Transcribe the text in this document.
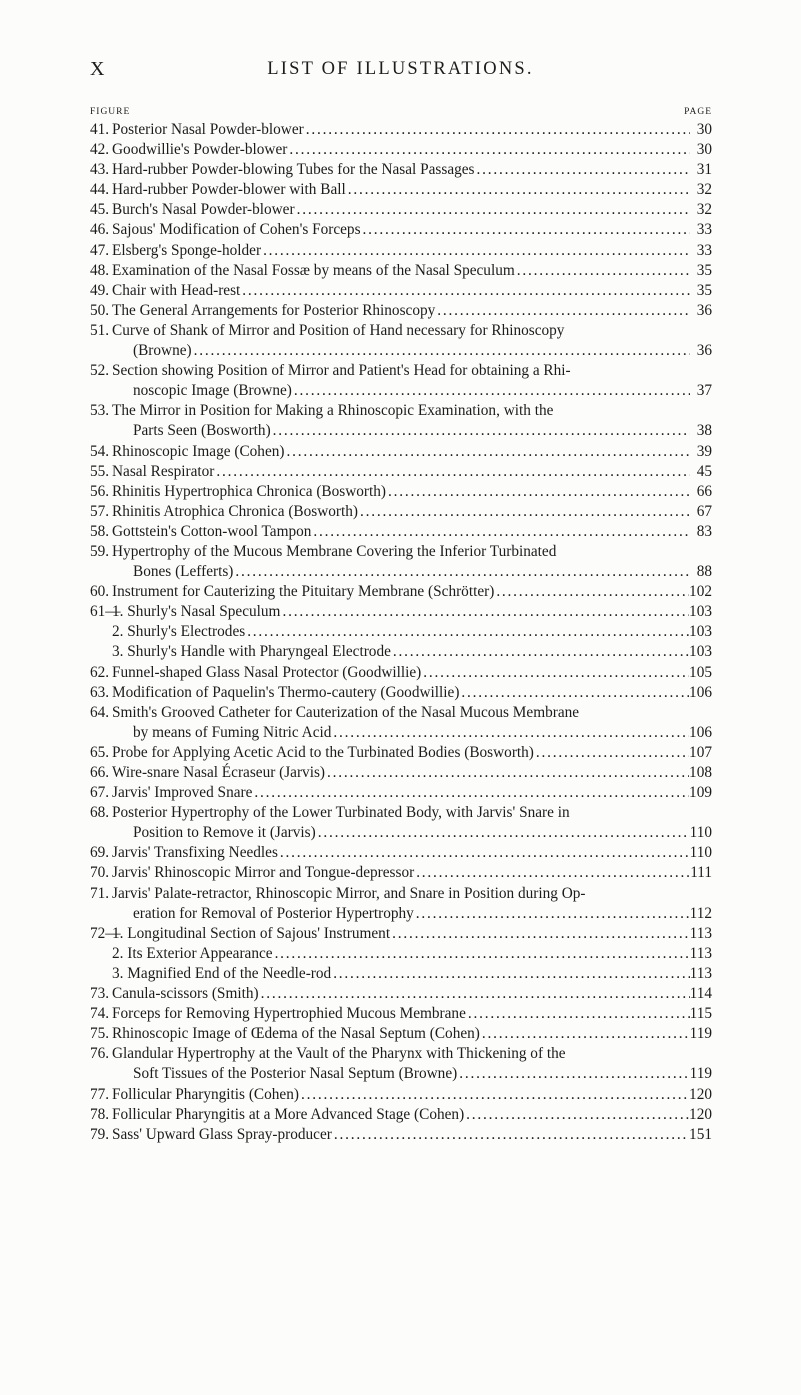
X	LIST OF ILLUSTRATIONS.
FIGURE	PAGE
41. Posterior Nasal Powder-blower .....	30
42. Goodwillie's Powder-blower .....	30
43. Hard-rubber Powder-blowing Tubes for the Nasal Passages .....	31
44. Hard-rubber Powder-blower with Ball .....	32
45. Burch's Nasal Powder-blower .....	32
46. Sajous' Modification of Cohen's Forceps .....	33
47. Elsberg's Sponge-holder .....	33
48. Examination of the Nasal Fossæ by means of the Nasal Speculum .....	35
49. Chair with Head-rest .....	35
50. The General Arrangements for Posterior Rhinoscopy .....	36
51. Curve of Shank of Mirror and Position of Hand necessary for Rhinoscopy
(Browne) .....	36
52. Section showing Position of Mirror and Patient's Head for obtaining a Rhi-
noscopic Image (Browne) .....	37
53. The Mirror in Position for Making a Rhinoscopic Examination, with the
Parts Seen (Bosworth) .....	38
54. Rhinoscopic Image (Cohen) .....	39
55. Nasal Respirator .....	45
56. Rhinitis Hypertrophica Chronica (Bosworth) .....	66
57. Rhinitis Atrophica Chronica (Bosworth) .....	67
58. Gottstein's Cotton-wool Tampon .....	83
59. Hypertrophy of the Mucous Membrane Covering the Inferior Turbinated
Bones (Lefferts) .....	88
60. Instrument for Cauterizing the Pituitary Membrane (Schrötter) .....	102
61—
1. Shurly's Nasal Speculum .....	103
2. Shurly's Electrodes .....	103
3. Shurly's Handle with Pharyngeal Electrode .....	103
62. Funnel-shaped Glass Nasal Protector (Goodwillie) .....	105
63. Modification of Paquelin's Thermo-cautery (Goodwillie) .....	106
64. Smith's Grooved Catheter for Cauterization of the Nasal Mucous Membrane
by means of Fuming Nitric Acid .....	106
65. Probe for Applying Acetic Acid to the Turbinated Bodies (Bosworth) .....	107
66. Wire-snare Nasal Écraseur (Jarvis) .....	108
67. Jarvis' Improved Snare .....	109
68. Posterior Hypertrophy of the Lower Turbinated Body, with Jarvis' Snare in
Position to Remove it (Jarvis) .....	110
69. Jarvis' Transfixing Needles .....	110
70. Jarvis' Rhinoscopic Mirror and Tongue-depressor .....	111
71. Jarvis' Palate-retractor, Rhinoscopic Mirror, and Snare in Position during Op-
eration for Removal of Posterior Hypertrophy .....	112
72—
1. Longitudinal Section of Sajous' Instrument .....	113
2. Its Exterior Appearance .....	113
3. Magnified End of the Needle-rod .....	113
73. Canula-scissors (Smith) .....	114
74. Forceps for Removing Hypertrophied Mucous Membrane .....	115
75. Rhinoscopic Image of Œdema of the Nasal Septum (Cohen) .....	119
76. Glandular Hypertrophy at the Vault of the Pharynx with Thickening of the
Soft Tissues of the Posterior Nasal Septum (Browne) .....	119
77. Follicular Pharyngitis (Cohen) .....	120
78. Follicular Pharyngitis at a More Advanced Stage (Cohen) .....	120
79. Sass' Upward Glass Spray-producer .....	151
